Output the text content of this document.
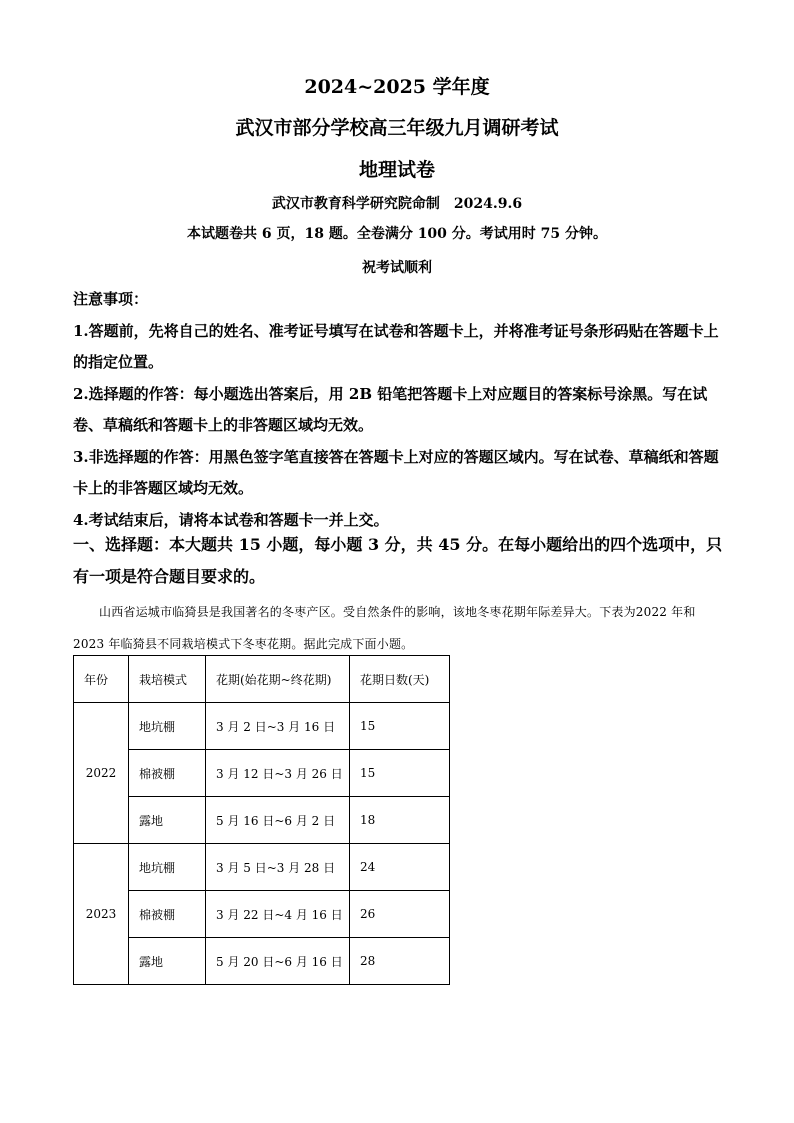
2024~2025 学年度
武汉市部分学校高三年级九月调研考试
地理试卷
武汉市教育科学研究院命制　2024.9.6
本试题卷共 6 页，18 题。全卷满分 100 分。考试用时 75 分钟。
祝考试顺利
注意事项：
1.答题前，先将自己的姓名、准考证号填写在试卷和答题卡上，并将准考证号条形码贴在答题卡上的指定位置。
2.选择题的作答：每小题选出答案后，用 2B 铅笔把答题卡上对应题目的答案标号涂黑。写在试卷、草稿纸和答题卡上的非答题区域均无效。
3.非选择题的作答：用黑色签字笔直接答在答题卡上对应的答题区域内。写在试卷、草稿纸和答题卡上的非答题区域均无效。
4.考试结束后，请将本试卷和答题卡一并上交。
一、选择题：本大题共 15 小题，每小题 3 分，共 45 分。在每小题给出的四个选项中，只有一项是符合题目要求的。
山西省运城市临猗县是我国著名的冬枣产区。受自然条件的影响，该地冬枣花期年际差异大。下表为2022 年和 2023 年临猗县不同栽培模式下冬枣花期。据此完成下面小题。
年份	栽培模式	花期(始花期~终花期)	花期日数(天)
2022	地坑棚	3 月 2 日~3 月 16 日	15
	棉被棚	3 月 12 日~3 月 26 日	15
	露地	5 月 16 日~6 月 2 日	18
2023	地坑棚	3 月 5 日~3 月 28 日	24
	棉被棚	3 月 22 日~4 月 16 日	26
	露地	5 月 20 日~6 月 16 日	28
